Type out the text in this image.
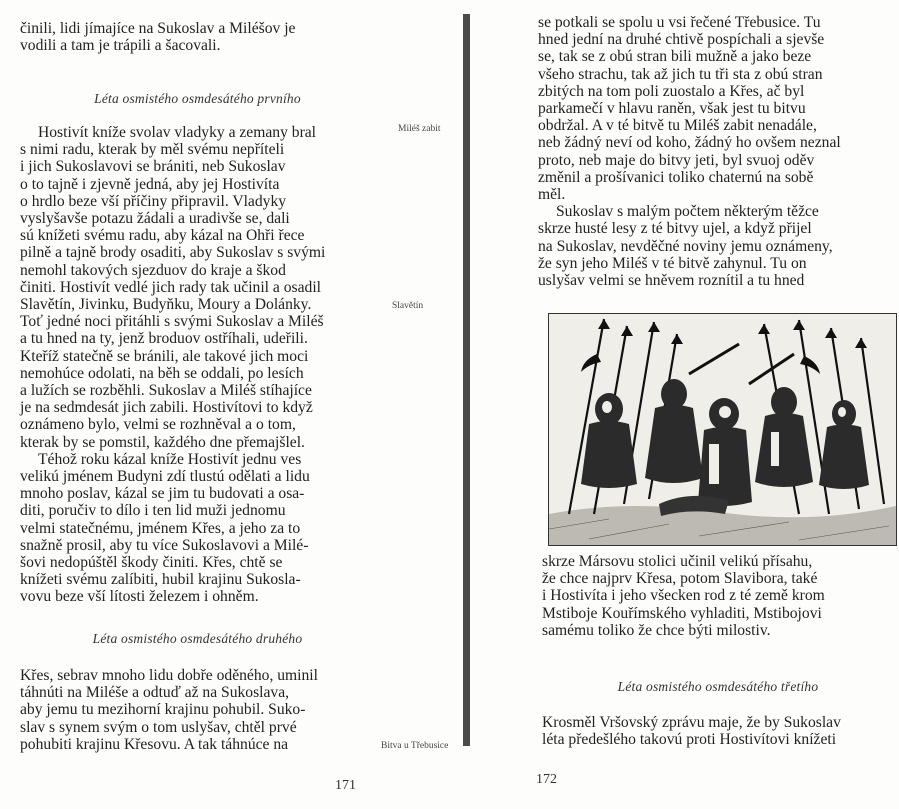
činili, lidi jímajíce na Sukoslav a Miléšov je

vodili a tam je trápili a šacovali.

Léta osmistého osmdesátého prvního

Hostivít kníže svolav vladyky a zemany bral

s nimi radu, kterak by měl svému nepříteli

i jich Sukoslavovi se brániti, neb Sukoslav

o to tajně i zjevně jedná, aby jej Hostivíta

o hrdlo beze vší příčiny připravil. Vladyky

vyslyšavše potazu žádali a uradivše se, dali

sú knížeti svému radu, aby kázal na Ohři řece

pilně a tajně brody osaditi, aby Sukoslav s svými

nemohl takových sjezduov do kraje a škod

činiti. Hostivít vedlé jich rady tak učinil a osadil

Slavětín, Jivinku, Budyňku, Moury a Dolánky.

Toť jedné noci přitáhli s svými Sukoslav a Miléš

a tu hned na ty, jenž broduov ostříhali, udeřili.

Kteříž statečně se bránili, ale takové jich moci

nemohúce odolati, na běh se oddali, po lesích

a lužích se rozběhli. Sukoslav a Miléš stíhajíce

je na sedmdesát jich zabili. Hostivítovi to když

oznámeno bylo, velmi se rozhněval a o tom,

kterak by se pomstil, každého dne přemajšlel.

Téhož roku kázal kníže Hostivít jednu ves

velikú jménem Budyni zdí tlustú odělati a lidu

mnoho poslav, kázal se jim tu budovati a osa-

diti, poručiv to dílo i ten lid muži jednomu

velmi statečnému, jménem Křes, a jeho za to

snažně prosil, aby tu více Sukoslavovi a Milé-

šovi nedopúštěl škody činiti. Křes, chtě se

knížeti svému zalíbiti, hubil krajinu Sukosla-

vovu beze vší lítosti železem i ohněm.

Léta osmistého osmdesátého druhého

Křes, sebrav mnoho lidu dobře oděného, uminil

táhnúti na Miléše a odtuď až na Sukoslava,

aby jemu tu mezihorní krajinu pohubil. Suko-

slav s synem svým o tom uslyšav, chtěl prvé

pohubiti krajinu Křesovu. A tak táhnúce na

Miléš zabit
Slavětín
Bitva u Třebusice
171

se potkali se spolu u vsi řečené Třebusice. Tu

hned jední na druhé chtivě pospíchali a sjevše

se, tak se z obú stran bili mužně a jako beze

všeho strachu, tak až jich tu tři sta z obú stran

zbitých na tom poli zuostalo a Křes, ač byl

parkamečí v hlavu raněn, však jest tu bitvu

obdržal. A v té bitvě tu Miléš zabit nenadále,

neb žádný neví od koho, žádný ho ovšem neznal

proto, neb maje do bitvy jeti, byl svuoj oděv

změnil a prošívanici toliko chaternú na sobě

měl.

Sukoslav s malým počtem některým těžce

skrze husté lesy z té bitvy ujel, a když přijel

na Sukoslav, nevděčné noviny jemu oznámeny,

že syn jeho Miléš v té bitvě zahynul. Tu on

uslyšav velmi se hněvem roznítil a tu hned

skrze Mársovu stolici učinil velikú přísahu,

že chce najprv Křesa, potom Slavibora, také

i Hostivíta i jeho všecken rod z té země krom

Mstiboje Kouřímského vyhladiti, Mstibojovi

samému toliko že chce býti milostiv.

Léta osmistého osmdesátého třetího

Krosměl Vršovský zprávu maje, že by Sukoslav

léta předešlého takovú proti Hostivítovi knížeti

172
